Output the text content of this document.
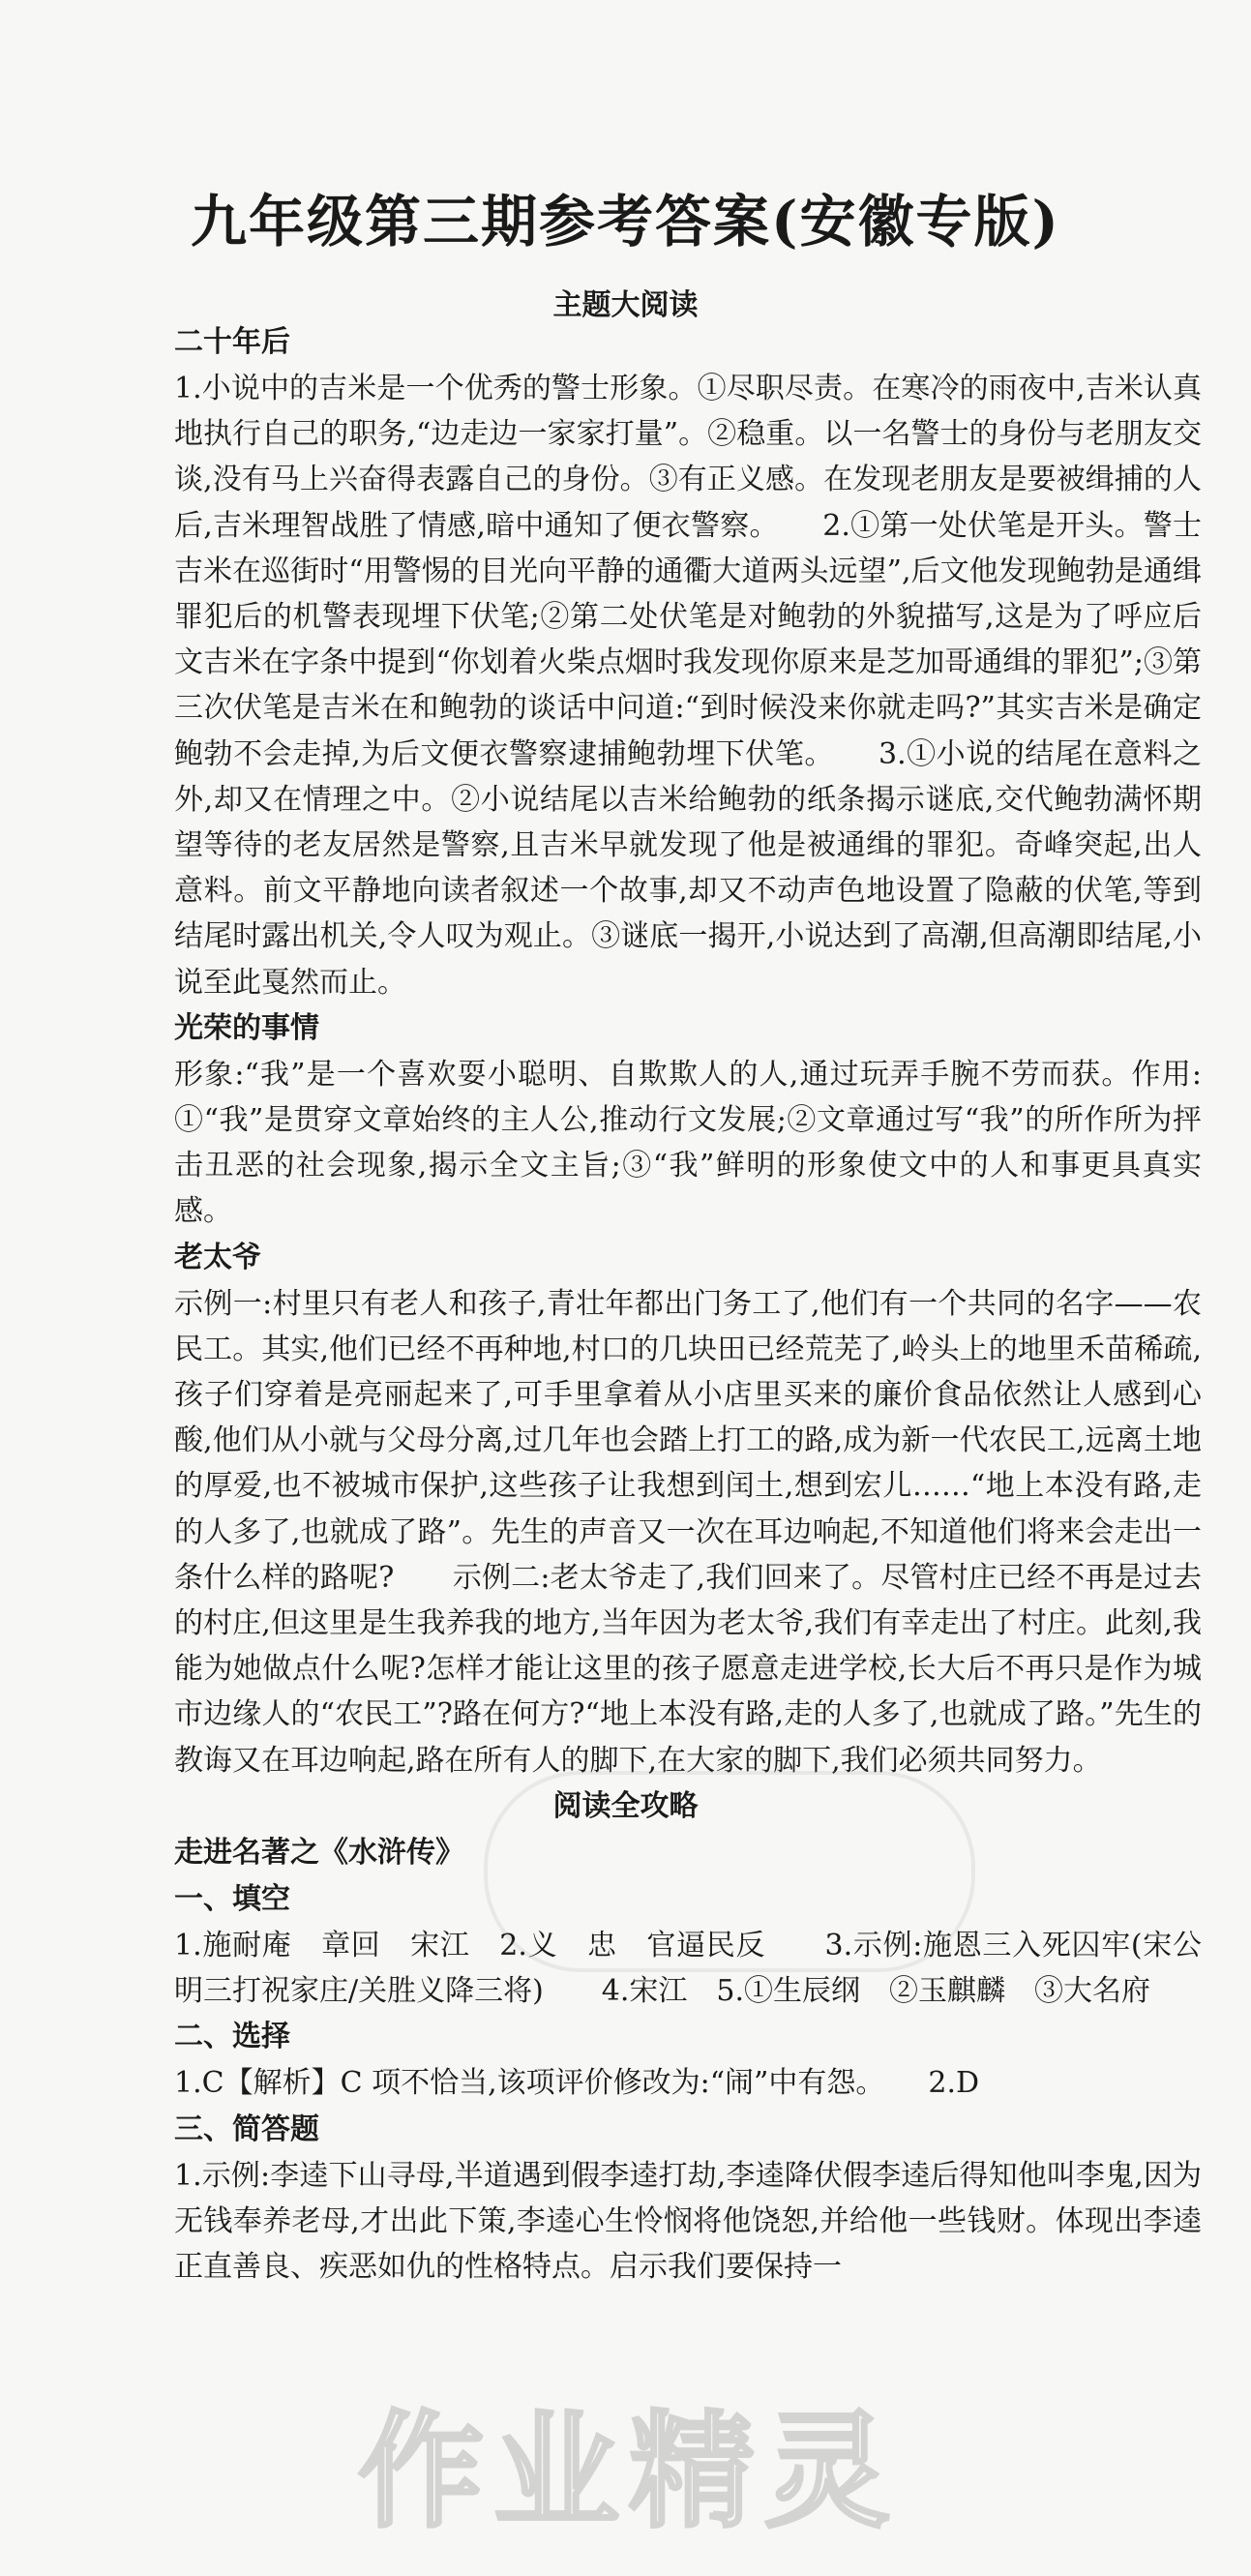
九年级第三期参考答案(安徽专版)
主题大阅读
二十年后
1.小说中的吉米是一个优秀的警士形象。①尽职尽责。在寒冷的雨夜中,吉米认真地执行自己的职务,“边走边一家家打量”。②稳重。以一名警士的身份与老朋友交谈,没有马上兴奋得表露自己的身份。③有正义感。在发现老朋友是要被缉捕的人后,吉米理智战胜了情感,暗中通知了便衣警察。　　2.①第一处伏笔是开头。警士吉米在巡街时“用警惕的目光向平静的通衢大道两头远望”,后文他发现鲍勃是通缉罪犯后的机警表现埋下伏笔;②第二处伏笔是对鲍勃的外貌描写,这是为了呼应后文吉米在字条中提到“你划着火柴点烟时我发现你原来是芝加哥通缉的罪犯”;③第三次伏笔是吉米在和鲍勃的谈话中问道:“到时候没来你就走吗?”其实吉米是确定鲍勃不会走掉,为后文便衣警察逮捕鲍勃埋下伏笔。　　3.①小说的结尾在意料之外,却又在情理之中。②小说结尾以吉米给鲍勃的纸条揭示谜底,交代鲍勃满怀期望等待的老友居然是警察,且吉米早就发现了他是被通缉的罪犯。奇峰突起,出人意料。前文平静地向读者叙述一个故事,却又不动声色地设置了隐蔽的伏笔,等到结尾时露出机关,令人叹为观止。③谜底一揭开,小说达到了高潮,但高潮即结尾,小说至此戛然而止。
光荣的事情
形象:“我”是一个喜欢耍小聪明、自欺欺人的人,通过玩弄手腕不劳而获。作用:①“我”是贯穿文章始终的主人公,推动行文发展;②文章通过写“我”的所作所为抨击丑恶的社会现象,揭示全文主旨;③“我”鲜明的形象使文中的人和事更具真实感。
老太爷
示例一:村里只有老人和孩子,青壮年都出门务工了,他们有一个共同的名字——农民工。其实,他们已经不再种地,村口的几块田已经荒芜了,岭头上的地里禾苗稀疏,孩子们穿着是亮丽起来了,可手里拿着从小店里买来的廉价食品依然让人感到心酸,他们从小就与父母分离,过几年也会踏上打工的路,成为新一代农民工,远离土地的厚爱,也不被城市保护,这些孩子让我想到闰土,想到宏儿……“地上本没有路,走的人多了,也就成了路”。先生的声音又一次在耳边响起,不知道他们将来会走出一条什么样的路呢?　　示例二:老太爷走了,我们回来了。尽管村庄已经不再是过去的村庄,但这里是生我养我的地方,当年因为老太爷,我们有幸走出了村庄。此刻,我能为她做点什么呢?怎样才能让这里的孩子愿意走进学校,长大后不再只是作为城市边缘人的“农民工”?路在何方?“地上本没有路,走的人多了,也就成了路。”先生的教诲又在耳边响起,路在所有人的脚下,在大家的脚下,我们必须共同努力。
阅读全攻略
走进名著之《水浒传》
一、填空
1.施耐庵　章回　宋江　2.义　忠　官逼民反　　3.示例:施恩三入死囚牢(宋公明三打祝家庄/关胜义降三将)　　4.宋江　5.①生辰纲　②玉麒麟　③大名府
二、选择
1.C【解析】C 项不恰当,该项评价修改为:“闹”中有怨。　　2.D
三、简答题
1.示例:李逵下山寻母,半道遇到假李逵打劫,李逵降伏假李逵后得知他叫李鬼,因为无钱奉养老母,才出此下策,李逵心生怜悯将他饶恕,并给他一些钱财。体现出李逵正直善良、疾恶如仇的性格特点。启示我们要保持一
作业精灵
